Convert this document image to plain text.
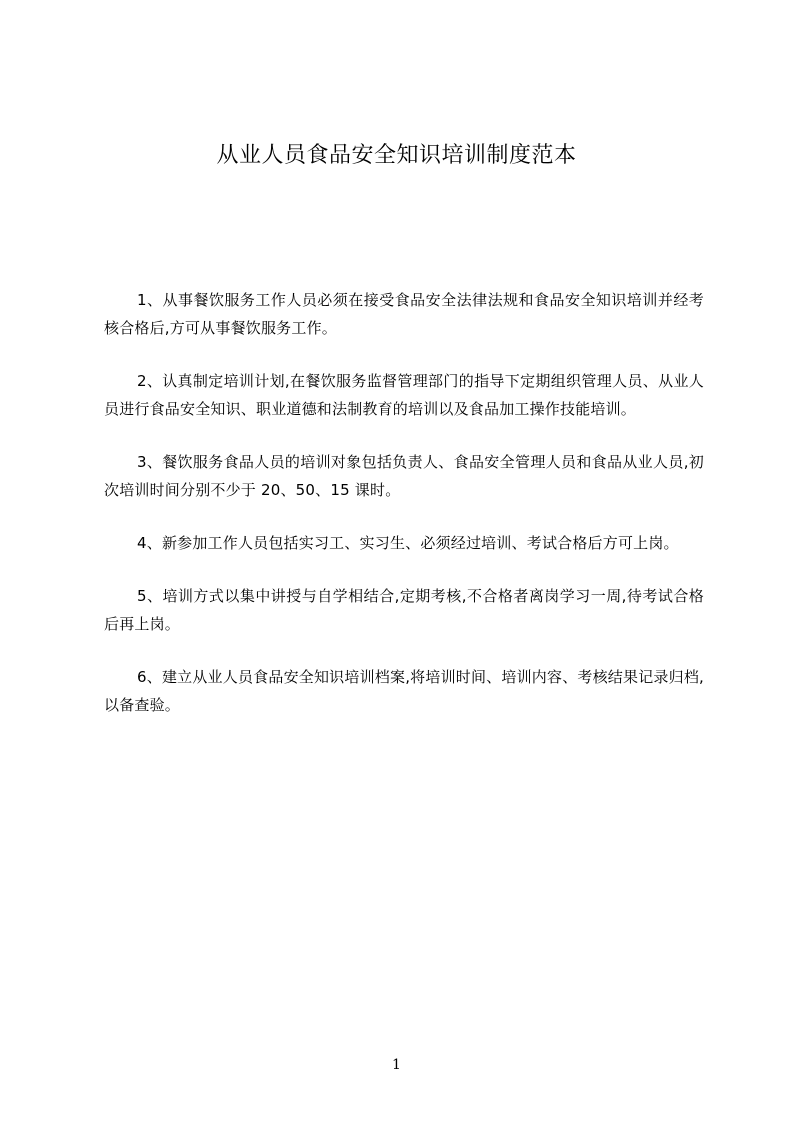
从业人员食品安全知识培训制度范本

1、从事餐饮服务工作人员必须在接受食品安全法律法规和食品安全知识培训并经考核合格后,方可从事餐饮服务工作。

2、认真制定培训计划,在餐饮服务监督管理部门的指导下定期组织管理人员、从业人员进行食品安全知识、职业道德和法制教育的培训以及食品加工操作技能培训。

3、餐饮服务食品人员的培训对象包括负责人、食品安全管理人员和食品从业人员,初次培训时间分别不少于 20、50、15 课时。

4、新参加工作人员包括实习工、实习生、必须经过培训、考试合格后方可上岗。

5、培训方式以集中讲授与自学相结合,定期考核,不合格者离岗学习一周,待考试合格后再上岗。

6、建立从业人员食品安全知识培训档案,将培训时间、培训内容、考核结果记录归档,以备查验。

1
